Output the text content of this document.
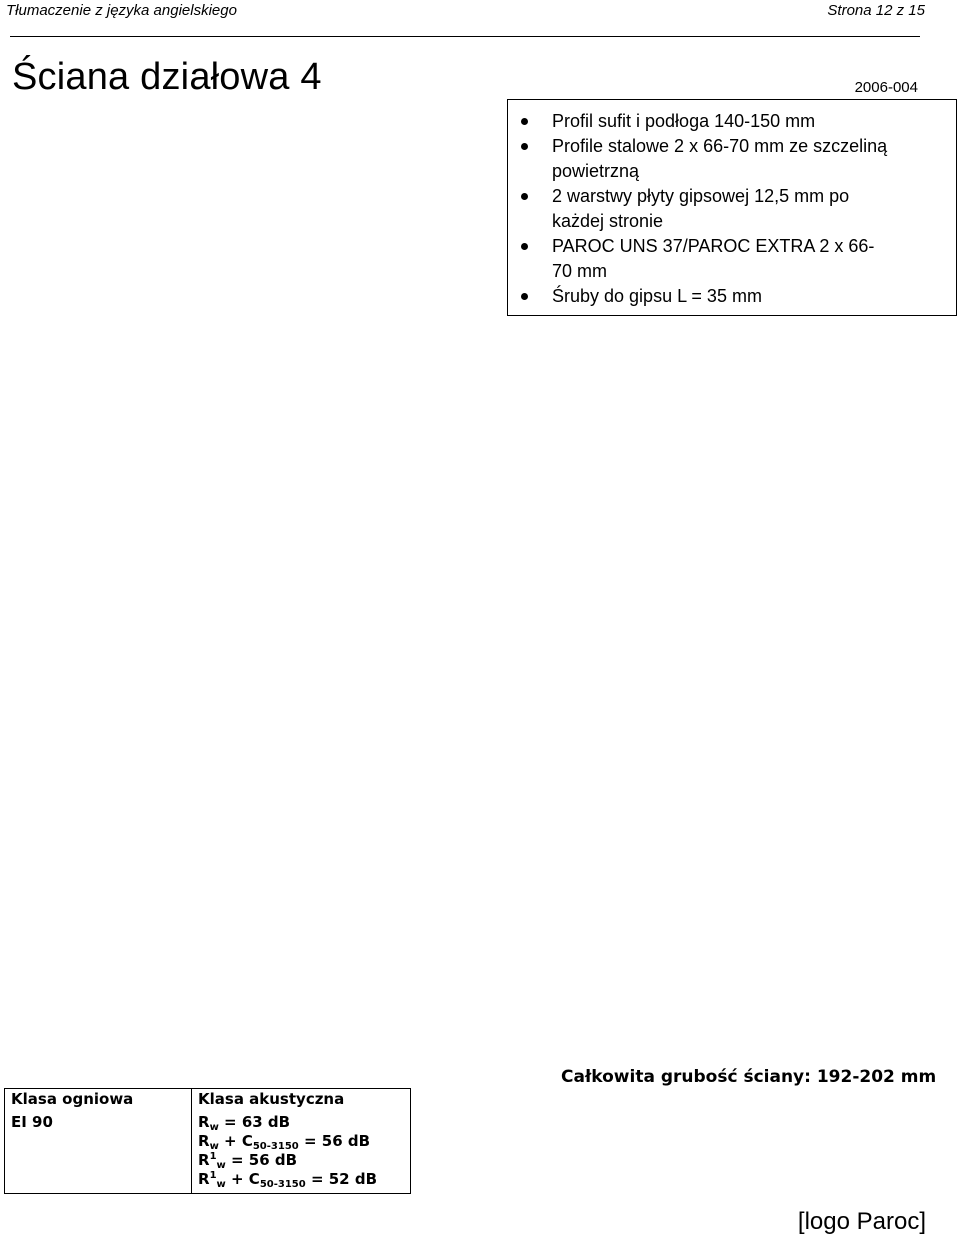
Tłumaczenie z języka angielskiego	Strona 12 z 15
Ściana działowa 4	2006-004
Profil sufit i podłoga 140-150 mm
Profile stalowe 2 x 66-70 mm ze szczeliną
powietrzną
2 warstwy płyty gipsowej 12,5 mm po
każdej stronie
PAROC UNS 37/PAROC EXTRA 2 x 66-
70 mm
Śruby do gipsu L = 35 mm
Klasa ogniowa	Klasa akustyczna
EI 90	$R_w = 63$ dB
$R_w + C_{50-3150} = 56$ dB
$R^1_w = 56$ dB
$R^1_w + C_{50-3150} = 52$ dB
Całkowita grubość ściany: 192-202 mm
[logo Paroc]
